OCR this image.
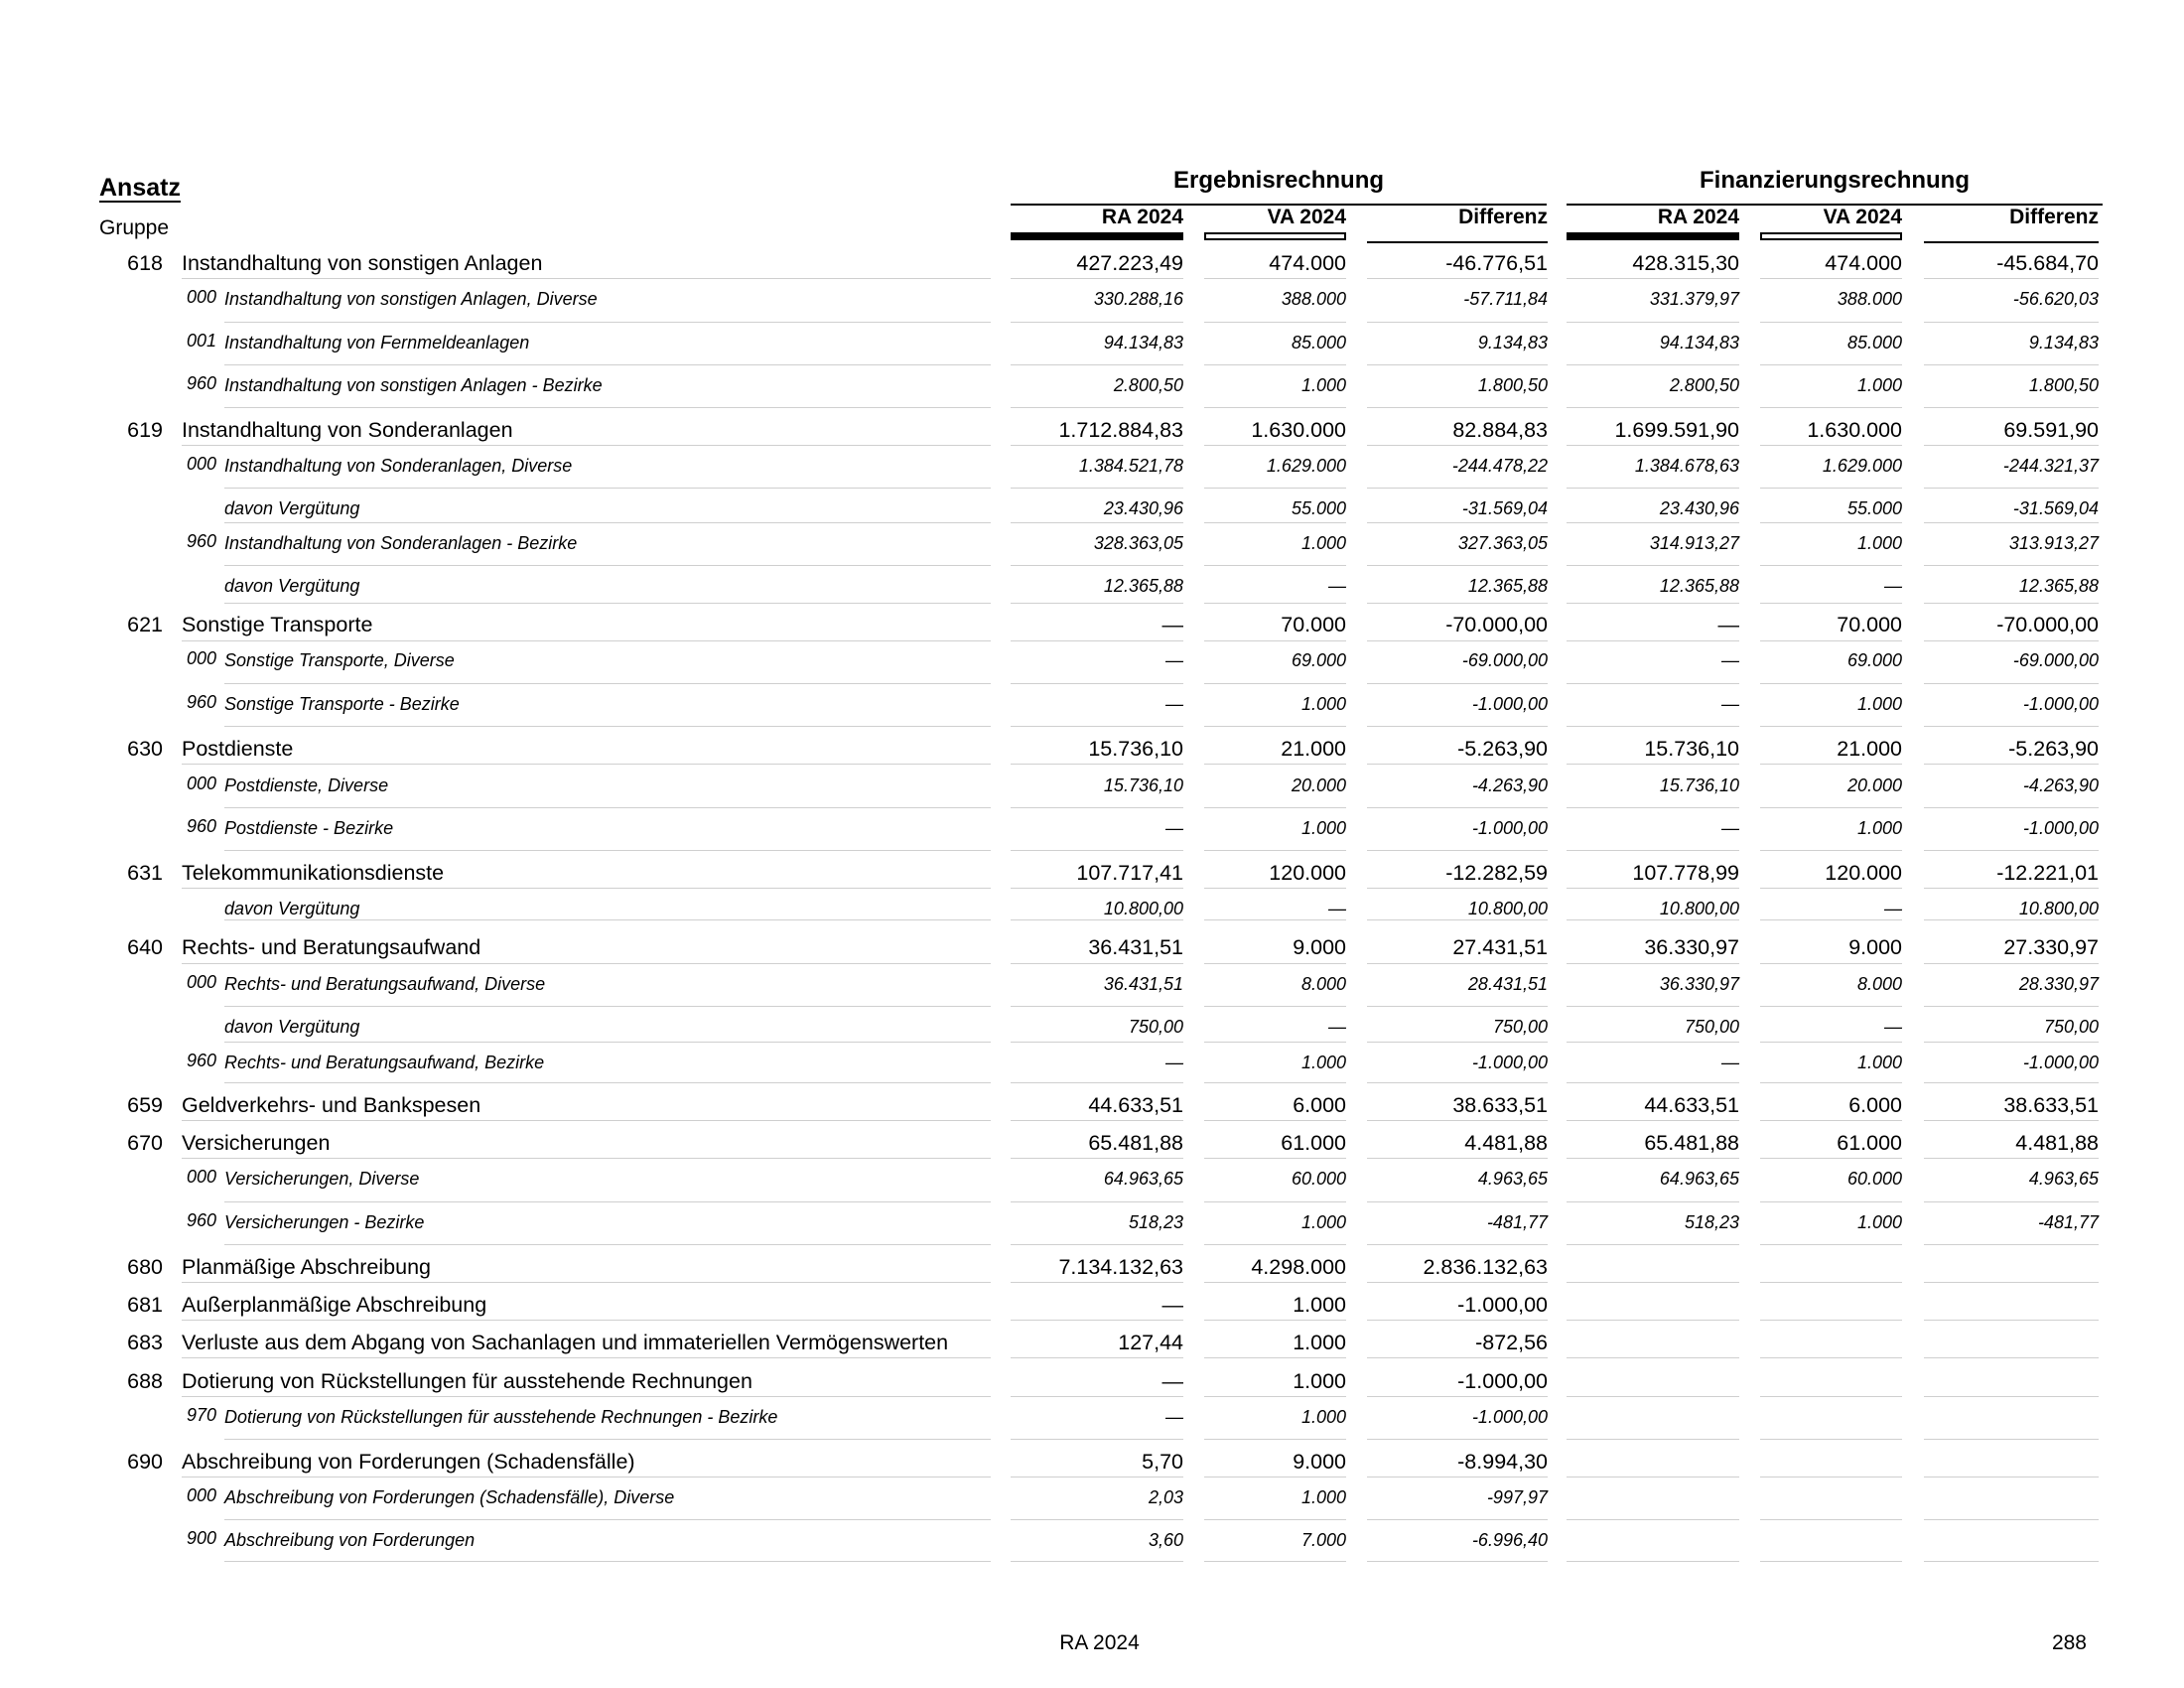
Ansatz
Gruppe
Ergebnisrechnung	Finanzierungsrechnung
RA 2024	VA 2024	Differenz	RA 2024	VA 2024	Differenz
618 Instandhaltung von sonstigen Anlagen	427.223,49	474.000	-46.776,51	428.315,30	474.000	-45.684,70
000 Instandhaltung von sonstigen Anlagen, Diverse	330.288,16	388.000	-57.711,84	331.379,97	388.000	-56.620,03
001 Instandhaltung von Fernmeldeanlagen	94.134,83	85.000	9.134,83	94.134,83	85.000	9.134,83
960 Instandhaltung von sonstigen Anlagen - Bezirke	2.800,50	1.000	1.800,50	2.800,50	1.000	1.800,50
619 Instandhaltung von Sonderanlagen	1.712.884,83	1.630.000	82.884,83	1.699.591,90	1.630.000	69.591,90
000 Instandhaltung von Sonderanlagen, Diverse	1.384.521,78	1.629.000	-244.478,22	1.384.678,63	1.629.000	-244.321,37
davon Vergütung	23.430,96	55.000	-31.569,04	23.430,96	55.000	-31.569,04
960 Instandhaltung von Sonderanlagen - Bezirke	328.363,05	1.000	327.363,05	314.913,27	1.000	313.913,27
davon Vergütung	12.365,88	—	12.365,88	12.365,88	—	12.365,88
621 Sonstige Transporte	—	70.000	-70.000,00	—	70.000	-70.000,00
000 Sonstige Transporte, Diverse	—	69.000	-69.000,00	—	69.000	-69.000,00
960 Sonstige Transporte - Bezirke	—	1.000	-1.000,00	—	1.000	-1.000,00
630 Postdienste	15.736,10	21.000	-5.263,90	15.736,10	21.000	-5.263,90
000 Postdienste, Diverse	15.736,10	20.000	-4.263,90	15.736,10	20.000	-4.263,90
960 Postdienste - Bezirke	—	1.000	-1.000,00	—	1.000	-1.000,00
631 Telekommunikationsdienste	107.717,41	120.000	-12.282,59	107.778,99	120.000	-12.221,01
davon Vergütung	10.800,00	—	10.800,00	10.800,00	—	10.800,00
640 Rechts- und Beratungsaufwand	36.431,51	9.000	27.431,51	36.330,97	9.000	27.330,97
000 Rechts- und Beratungsaufwand, Diverse	36.431,51	8.000	28.431,51	36.330,97	8.000	28.330,97
davon Vergütung	750,00	—	750,00	750,00	—	750,00
960 Rechts- und Beratungsaufwand, Bezirke	—	1.000	-1.000,00	—	1.000	-1.000,00
659 Geldverkehrs- und Bankspesen	44.633,51	6.000	38.633,51	44.633,51	6.000	38.633,51
670 Versicherungen	65.481,88	61.000	4.481,88	65.481,88	61.000	4.481,88
000 Versicherungen, Diverse	64.963,65	60.000	4.963,65	64.963,65	60.000	4.963,65
960 Versicherungen - Bezirke	518,23	1.000	-481,77	518,23	1.000	-481,77
680 Planmäßige Abschreibung	7.134.132,63	4.298.000	2.836.132,63
681 Außerplanmäßige Abschreibung	—	1.000	-1.000,00
683 Verluste aus dem Abgang von Sachanlagen und immateriellen Vermögenswerten	127,44	1.000	-872,56
688 Dotierung von Rückstellungen für ausstehende Rechnungen	—	1.000	-1.000,00
970 Dotierung von Rückstellungen für ausstehende Rechnungen - Bezirke	—	1.000	-1.000,00
690 Abschreibung von Forderungen (Schadensfälle)	5,70	9.000	-8.994,30
000 Abschreibung von Forderungen (Schadensfälle), Diverse	2,03	1.000	-997,97
900 Abschreibung von Forderungen	3,60	7.000	-6.996,40
RA 2024	288
